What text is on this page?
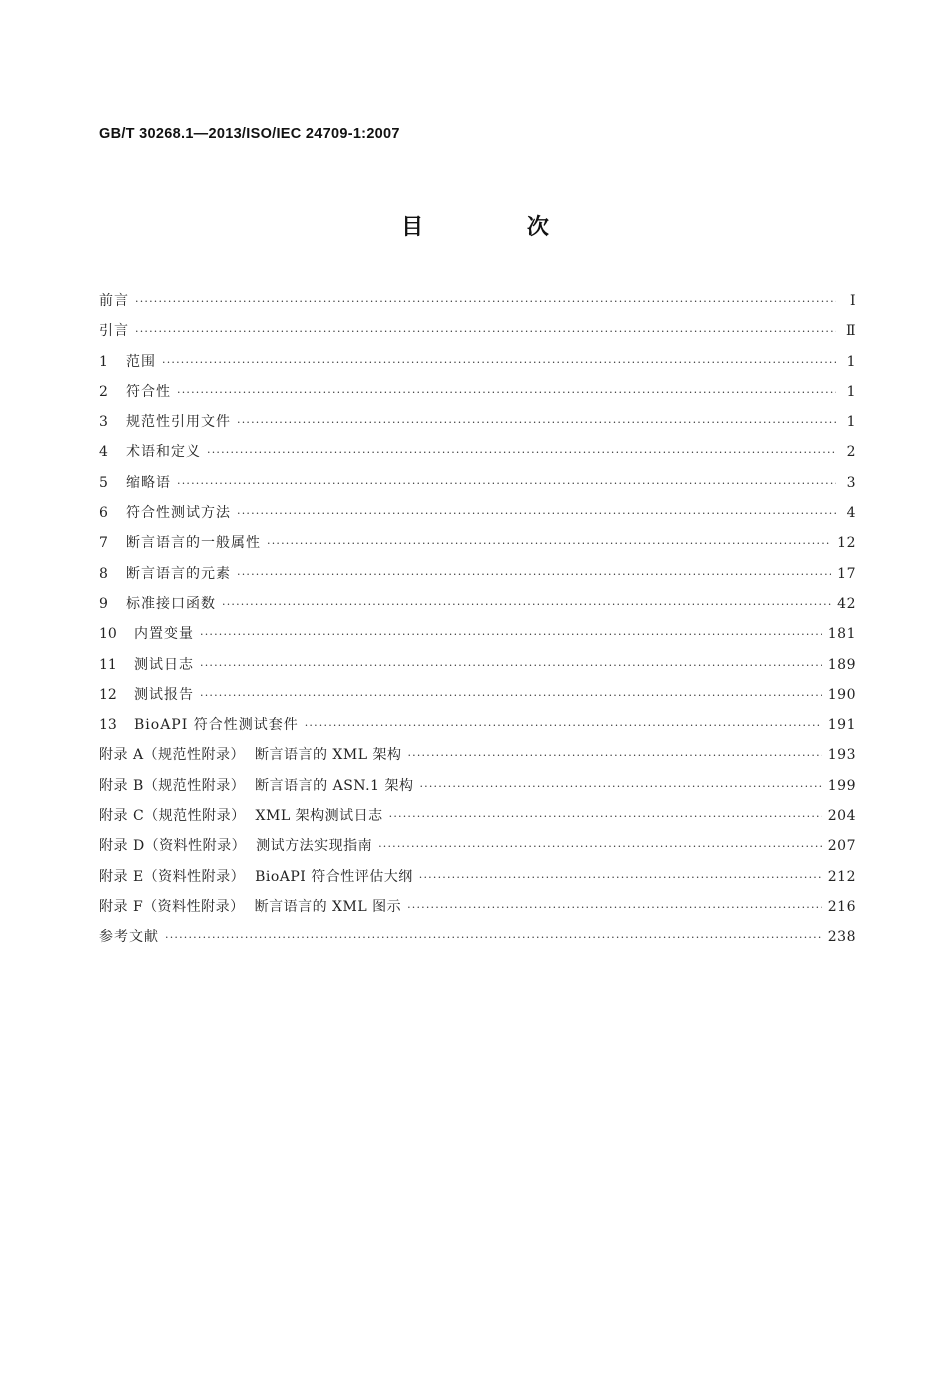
GB/T 30268.1—2013/ISO/IEC 24709-1:2007
目 次
前言 ·····	Ⅰ
引言 ·····	Ⅱ
1	范围 ·····	1
2	符合性 ·····	1
3	规范性引用文件 ·····	1
4	术语和定义 ·····	2
5	缩略语 ·····	3
6	符合性测试方法 ·····	4
7	断言语言的一般属性 ·····	12
8	断言语言的元素 ·····	17
9	标准接口函数 ·····	42
10	内置变量 ·····	181
11	测试日志 ·····	189
12	测试报告 ·····	190
13	BioAPI 符合性测试套件 ·····	191
附录 A（规范性附录）  断言语言的 XML 架构 ·····	193
附录 B（规范性附录）  断言语言的 ASN.1 架构 ·····	199
附录 C（规范性附录）  XML 架构测试日志 ·····	204
附录 D（资料性附录）  测试方法实现指南 ·····	207
附录 E（资料性附录）  BioAPI 符合性评估大纲 ·····	212
附录 F（资料性附录）  断言语言的 XML 图示 ·····	216
参考文献 ·····	238
